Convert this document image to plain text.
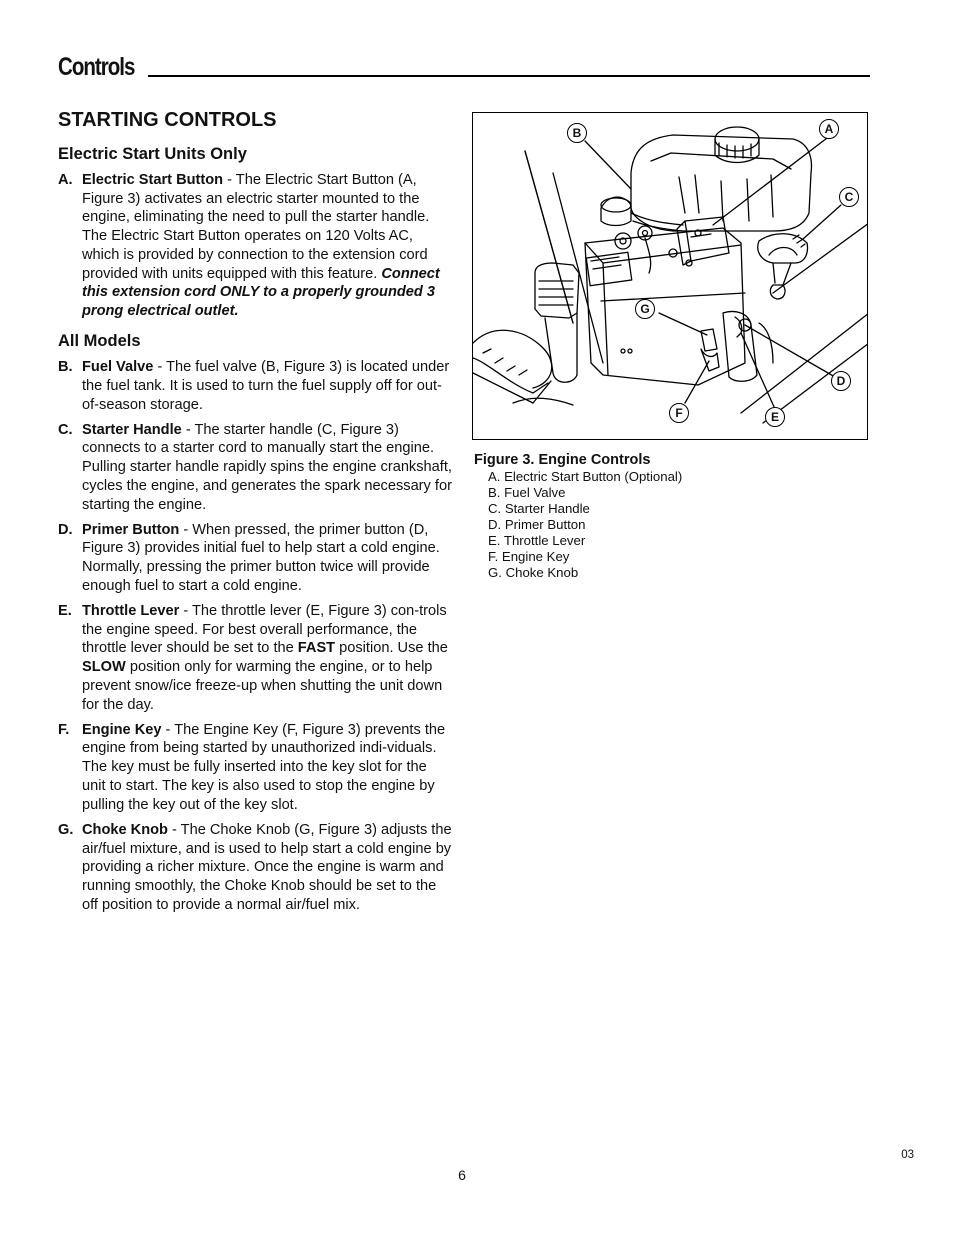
Controls
STARTING CONTROLS
Electric Start Units Only
A. Electric Start Button - The Electric Start Button (A, Figure 3) activates an electric starter mounted to the engine, eliminating the need to pull the starter handle. The Electric Start Button operates on 120 Volts AC, which is provided by connection to the extension cord provided with units equipped with this feature. Connect this extension cord ONLY to a properly grounded 3 prong electrical outlet.
All Models
B. Fuel Valve - The fuel valve (B, Figure 3) is located under the fuel tank. It is used to turn the fuel supply off for out-of-season storage.
C. Starter Handle - The starter handle (C, Figure 3) connects to a starter cord to manually start the engine. Pulling starter handle rapidly spins the engine crankshaft, cycles the engine, and generates the spark necessary for starting the engine.
D. Primer Button - When pressed, the primer button (D, Figure 3) provides initial fuel to help start a cold engine. Normally, pressing the primer button twice will provide enough fuel to start a cold engine.
E. Throttle Lever - The throttle lever (E, Figure 3) con-trols the engine speed. For best overall performance, the throttle lever should be set to the FAST position. Use the SLOW position only for warming the engine, or to help prevent snow/ice freeze-up when shutting the unit down for the day.
F. Engine Key - The Engine Key (F, Figure 3) prevents the engine from being started by unauthorized indi-viduals. The key must be fully inserted into the key slot for the unit to start. The key is also used to stop the engine by pulling the key out of the key slot.
G. Choke Knob - The Choke Knob (G, Figure 3) adjusts the air/fuel mixture, and is used to help start a cold engine by providing a richer mixture. Once the engine is warm and running smoothly, the Choke Knob should be set to the off position to provide a normal air/fuel mix.
B	A
C
G
D
F	E
Figure 3. Engine Controls
A. Electric Start Button (Optional)
B. Fuel Valve
C. Starter Handle
D. Primer Button
E. Throttle Lever
F. Engine Key
G. Choke Knob
03
6
